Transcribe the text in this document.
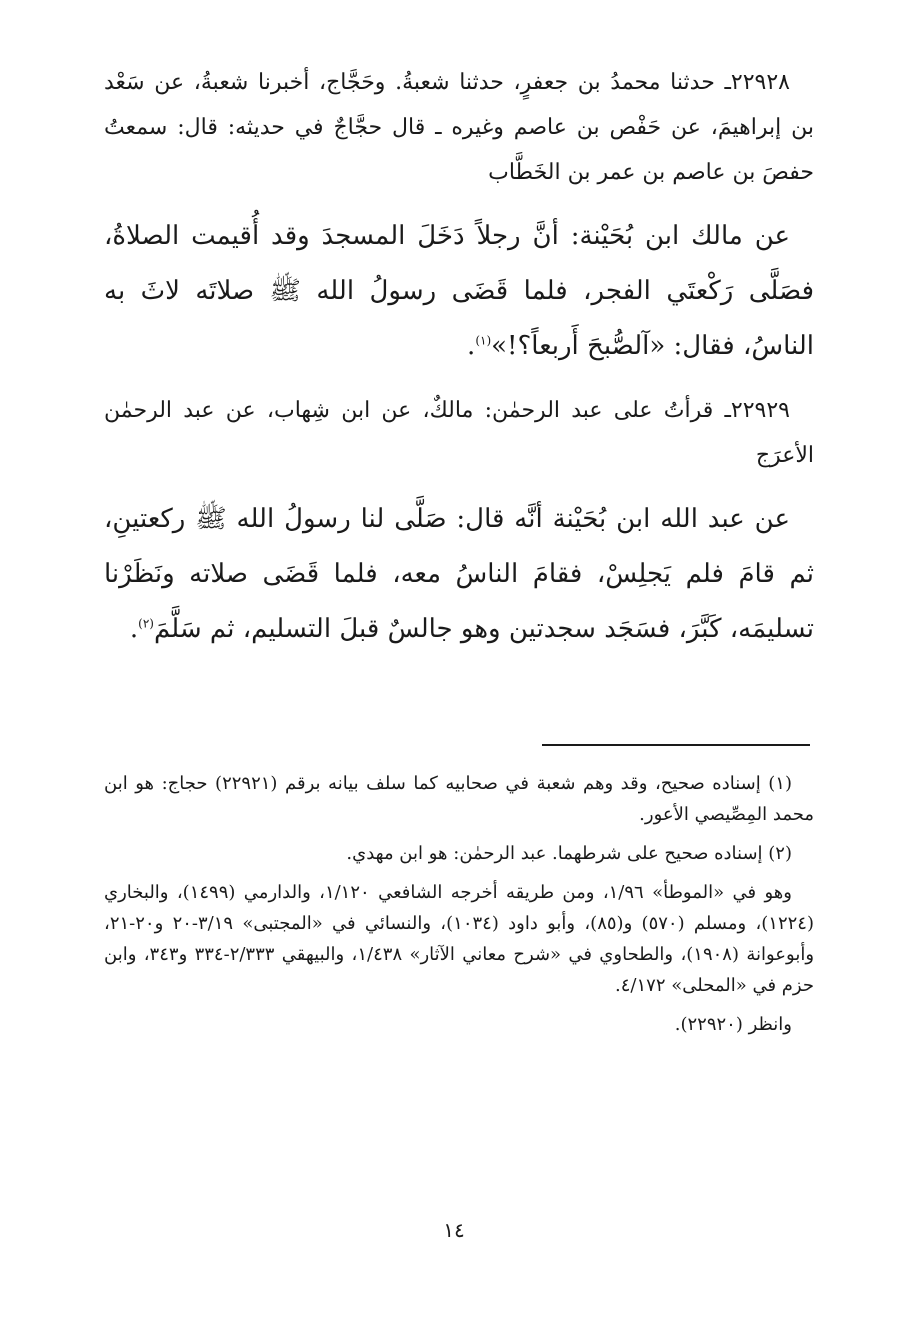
٢٢٩٢٨ـ حدثنا محمدُ بن جعفرٍ، حدثنا شعبةُ. وحَجَّاج، أخبرنا شعبةُ، عن سَعْد بن إبراهيمَ، عن حَفْص بن عاصم وغيره ـ قال حجَّاجٌ في حديثه: قال: سمعتُ حفصَ بن عاصم بن عمر بن الخَطَّاب

عن مالك ابن بُحَيْنة: أنَّ رجلاً دَخَلَ المسجدَ وقد أُقيمت الصلاةُ، فصَلَّى رَكْعتَي الفجر، فلما قَضَى رسولُ الله ﷺ صلاتَه لاثَ به الناسُ، فقال: «آلصُّبحَ أَربعاً؟!»$^{(١)}$.

٢٢٩٢٩ـ قرأتُ على عبد الرحمٰن: مالكٌ، عن ابن شِهاب، عن عبد الرحمٰن الأعرَج

عن عبد الله ابن بُحَيْنة أنَّه قال: صَلَّى لنا رسولُ الله ﷺ ركعتينِ، ثم قامَ فلم يَجلِسْ، فقامَ الناسُ معه، فلما قَضَى صلاته ونَظَرْنا تسليمَه، كَبَّرَ، فسَجَد سجدتين وهو جالسٌ قبلَ التسليم، ثم سَلَّمَ$^{(٢)}$.

(١) إسناده صحيح، وقد وهم شعبة في صحابيه كما سلف بيانه برقم (٢٢٩٢١) حجاج: هو ابن محمد المِصِّيصي الأعور.

(٢) إسناده صحيح على شرطهما. عبد الرحمٰن: هو ابن مهدي.

وهو في «الموطأ» ١/٩٦، ومن طريقه أخرجه الشافعي ١/١٢٠، والدارمي (١٤٩٩)، والبخاري (١٢٢٤)، ومسلم (٥٧٠) و(٨٥)، وأبو داود (١٠٣٤)، والنسائي في «المجتبى» ٣/١٩-٢٠ و٢٠-٢١، وأبوعوانة (١٩٠٨)، والطحاوي في «شرح معاني الآثار» ١/٤٣٨، والبيهقي ٢/٣٣٣-٣٣٤ و٣٤٣، وابن حزم في «المحلى» ٤/١٧٢.

وانظر (٢٢٩٢٠).

١٤
